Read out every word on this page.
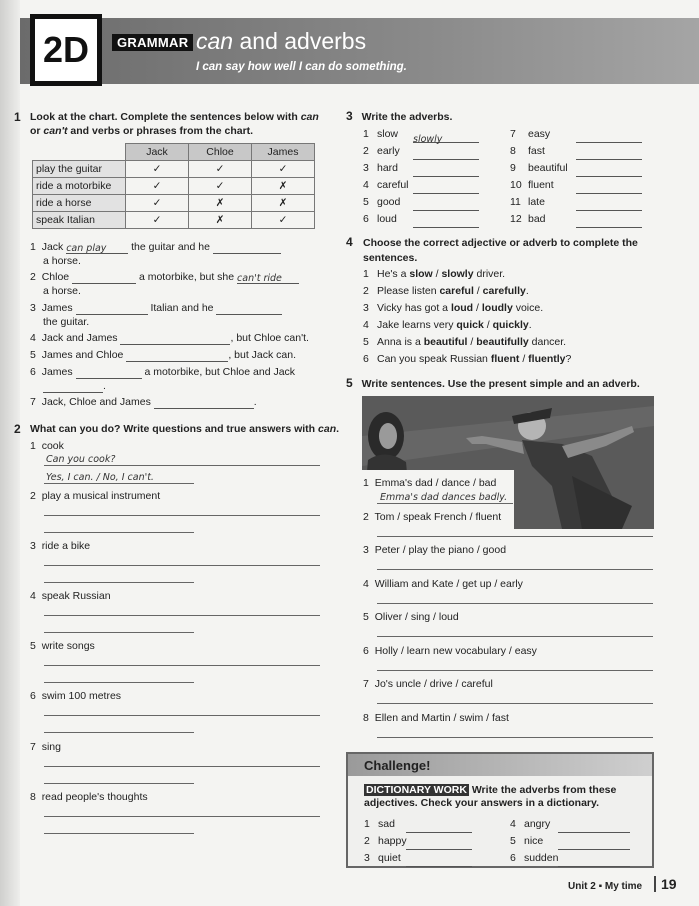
2D	GRAMMAR can and adverbs
I can say how well I can do something.
1 Look at the chart. Complete the sentences below with can or can't and verbs or phrases from the chart.
	Jack	Chloe	James
play the guitar	✓	✓	✓
ride a motorbike	✓	✓	✗
ride a horse	✓	✗	✗
speak Italian	✓	✗	✓
1 Jack can play the guitar and he
a horse.
2 Chloe	a motorbike, but she can't ride
a horse.
3 James	Italian and he
the guitar.
4 Jack and James	, but Chloe can't.
5 James and Chloe	, but Jack can.
6 James	a motorbike, but Chloe and Jack
.
7 Jack, Chloe and James	.
2 What can you do? Write questions and true answers with can.
1 cook
Can you cook?
Yes, I can. / No, I can't.
2 play a musical instrument
3 ride a bike
4 speak Russian
5 write songs
6 swim 100 metres
7 sing
8 read people's thoughts
3 Write the adverbs.
1 slow slowly
2 early
3 hard
4 careful
5 good
6 loud
7 easy
8 fast
9 beautiful
10 fluent
11 late
12 bad
4 Choose the correct adjective or adverb to complete the sentences.
1 He's a slow / slowly driver.
2 Please listen careful / carefully.
3 Vicky has got a loud / loudly voice.
4 Jake learns very quick / quickly.
5 Anna is a beautiful / beautifully dancer.
6 Can you speak Russian fluent / fluently?
5 Write sentences. Use the present simple and an adverb.
1 Emma's dad / dance / bad
Emma's dad dances badly.
2 Tom / speak French / fluent
3 Peter / play the piano / good
4 William and Kate / get up / early
5 Oliver / sing / loud
6 Holly / learn new vocabulary / easy
7 Jo's uncle / drive / careful
8 Ellen and Martin / swim / fast
Challenge!
DICTIONARY WORK Write the adverbs from these adjectives. Check your answers in a dictionary.
1 sad
2 happy
3 quiet
4 angry
5 nice
6 sudden
Unit 2 ▪ My time	19
